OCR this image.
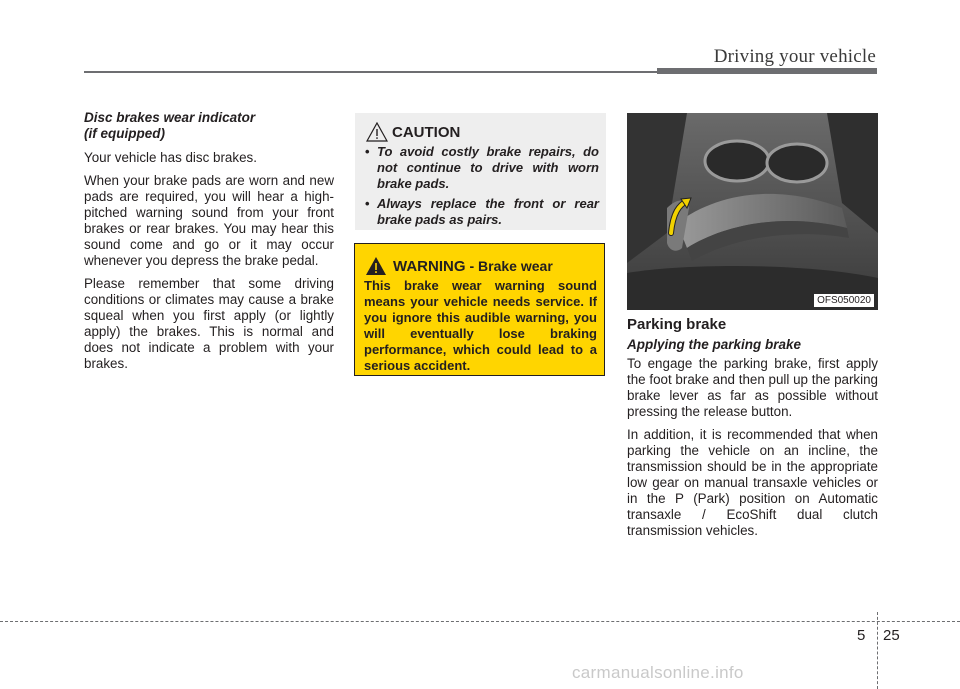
Driving your vehicle
Disc brakes wear indicator
(if equipped)

Your vehicle has disc brakes.

When your brake pads are worn and new pads are required, you will hear a high-pitched warning sound from your front brakes or rear brakes. You may hear this sound come and go or it may occur whenever you depress the brake pedal.

Please remember that some driving conditions or climates may cause a brake squeal when you first apply (or lightly apply) the brakes. This is normal and does not indicate a problem with your brakes.

CAUTION
• To avoid costly brake repairs, do not continue to drive with worn brake pads.
• Always replace the front or rear brake pads as pairs.
WARNING - Brake wear

This brake wear warning sound means your vehicle needs service. If you ignore this audible warning, you will eventually lose braking performance, which could lead to a serious accident.

OFS050020
Parking brake
Applying the parking brake

To engage the parking brake, first apply the foot brake and then pull up the parking brake lever as far as possible without pressing the release button.

In addition, it is recommended that when parking the vehicle on an incline, the transmission should be in the appropriate low gear on manual transaxle vehicles or in the P (Park) position on Automatic transaxle / EcoShift dual clutch transmission vehicles.

5 25
carmanualsonline.info
